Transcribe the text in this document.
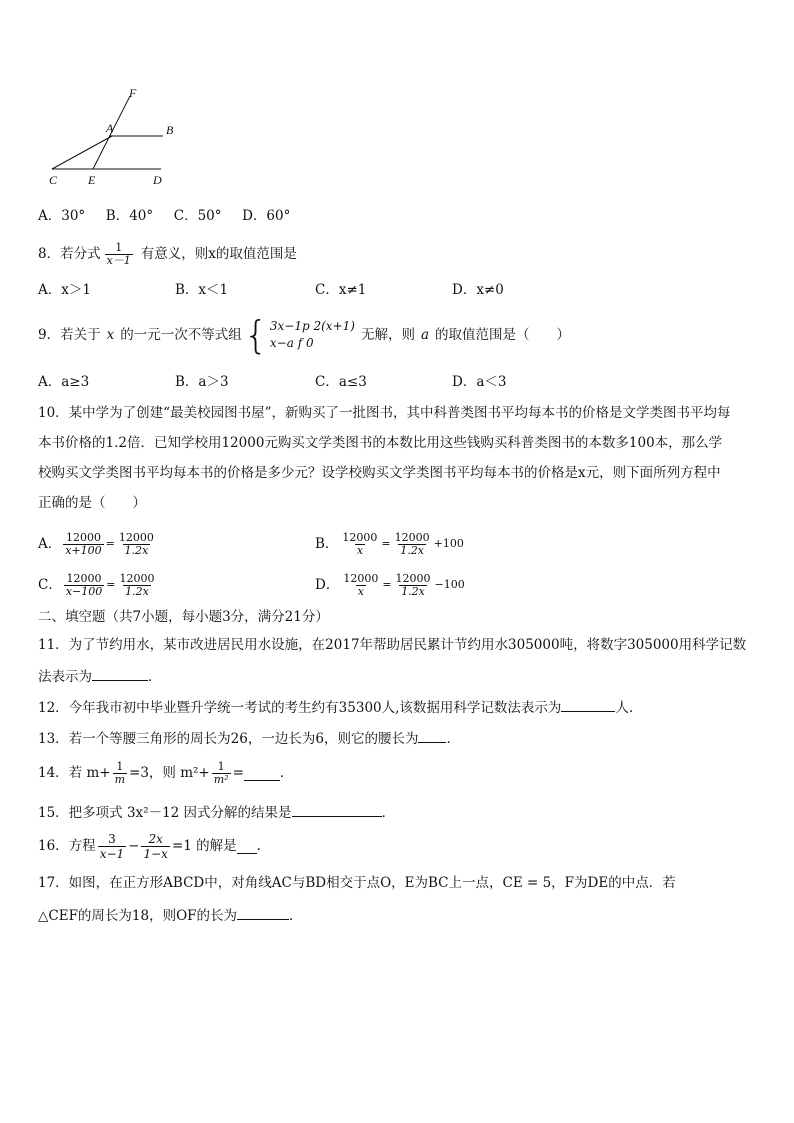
F
A	B
C	E	D
A．30° B．40° C．50° D．60°
8．若分式 $\frac{1}{x-1}$ 有意义，则x的取值范围是
A．x＞1	B．x＜1	C．x≠1	D．x≠0
9．若关于 x 的一元一次不等式组 { 3x−1p 2(x+1)
x−a f 0	无解，则 a 的取值范围是（　　）
A．a≥3	B．a＞3	C．a≤3	D．a＜3
10．某中学为了创建“最美校园图书屋”，新购买了一批图书，其中科普类图书平均每本书的价格是文学类图书平均每
本书价格的1.2倍．已知学校用12000元购买文学类图书的本数比用这些钱购买科普类图书的本数多100本，那么学
校购买文学类图书平均每本书的价格是多少元？设学校购买文学类图书平均每本书的价格是x元，则下面所列方程中
正确的是（　　）
A． $\frac{12000}{x+100} = \frac{12000}{1.2x}$	B． $\frac{12000}{x} = \frac{12000}{1.2x} +100$
C． $\frac{12000}{x-100} = \frac{12000}{1.2x}$	D． $\frac{12000}{x} = \frac{12000}{1.2x} -100$
二、填空题（共7小题，每小题3分，满分21分）
11．为了节约用水，某市改进居民用水设施，在2017年帮助居民累计节约用水305000吨，将数字305000用科学记数
法表示为	．
12．今年我市初中毕业暨升学统一考试的考生约有35300人,该数据用科学记数法表示为	人.
13．若一个等腰三角形的周长为26，一边长为6，则它的腰长为 ．
14．若 $m+ \frac{1}{m} =3$，则 $m^2+ \frac{1}{\text{m²}}$ =	．
15．把多项式 3x²－12 因式分解的结果是	．
16．方程 $\frac{3}{x-1} - \frac{2x}{1-x} =1$ 的解是 .
17．如图，在正方形ABCD中，对角线AC与BD相交于点O，E为BC上一点，CE = 5，F为DE的中点．若
△CEF的周长为18，则OF的长为	．
